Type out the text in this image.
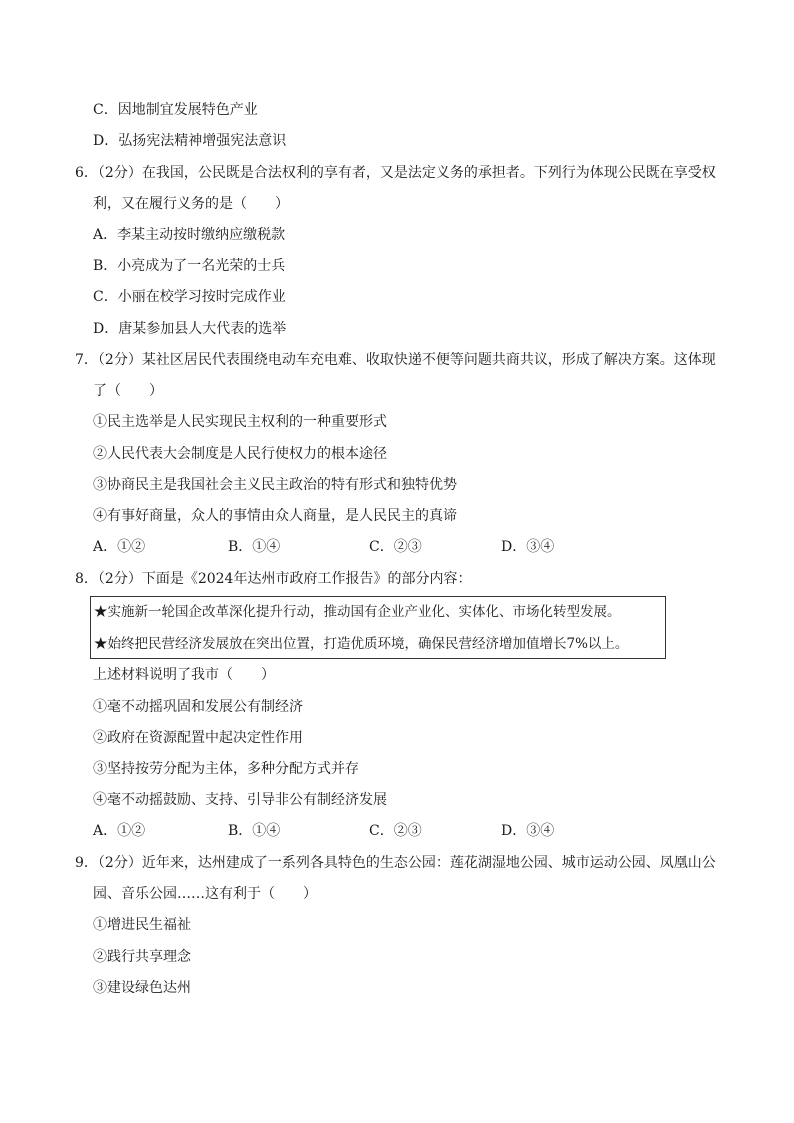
C．因地制宜发展特色产业
D．弘扬宪法精神增强宪法意识
6．（2分）在我国，公民既是合法权利的享有者，又是法定义务的承担者。下列行为体现公民既在享受权
利，又在履行义务的是（　　）
A．李某主动按时缴纳应缴税款
B．小亮成为了一名光荣的士兵
C．小丽在校学习按时完成作业
D．唐某参加县人大代表的选举
7．（2分）某社区居民代表围绕电动车充电难、收取快递不便等问题共商共议，形成了解决方案。这体现
了（　　）
①民主选举是人民实现民主权利的一种重要形式
②人民代表大会制度是人民行使权力的根本途径
③协商民主是我国社会主义民主政治的特有形式和独特优势
④有事好商量，众人的事情由众人商量，是人民民主的真谛
A．①②	B．①④	C．②③	D．③④
8．（2分）下面是《2024年达州市政府工作报告》的部分内容：
★实施新一轮国企改革深化提升行动，推动国有企业产业化、实体化、市场化转型发展。
★始终把民营经济发展放在突出位置，打造优质环境，确保民营经济增加值增长7%以上。
上述材料说明了我市（　　）
①毫不动摇巩固和发展公有制经济
②政府在资源配置中起决定性作用
③坚持按劳分配为主体，多种分配方式并存
④毫不动摇鼓励、支持、引导非公有制经济发展
A．①②	B．①④	C．②③	D．③④
9．（2分）近年来，达州建成了一系列各具特色的生态公园：莲花湖湿地公园、城市运动公园、凤凰山公
园、音乐公园……这有利于（　　）
①增进民生福祉
②践行共享理念
③建设绿色达州
